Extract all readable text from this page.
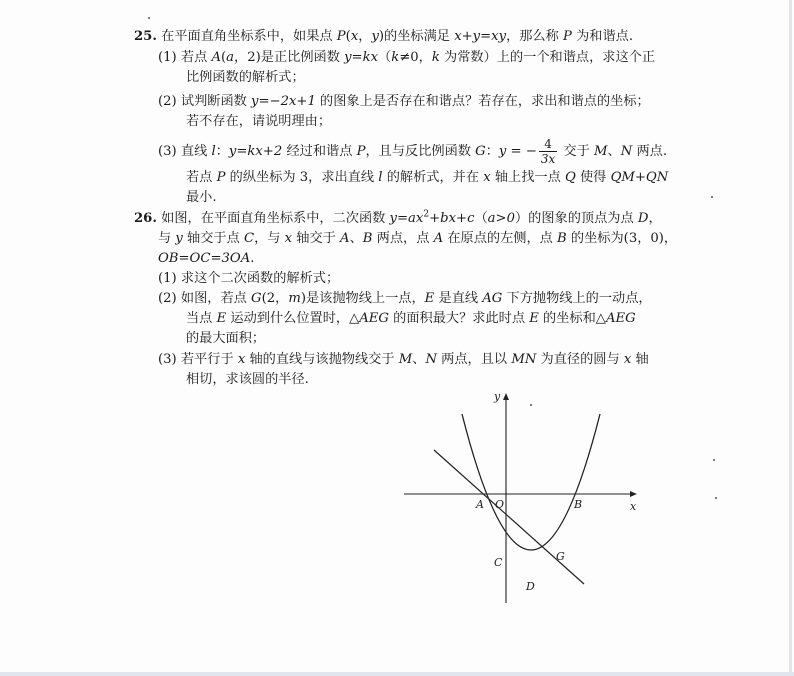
25. 在平面直角坐标系中，如果点 P(x，y)的坐标满足 x+y=xy，那么称 P 为和谐点.
(1) 若点 A(a，2)是正比例函数 y=kx（k≠0，k 为常数）上的一个和谐点，求这个正
比例函数的解析式；
(2) 试判断函数 y=−2x+1 的图象上是否存在和谐点？若存在，求出和谐点的坐标；
若不存在，请说明理由；
(3) 直线 l：y=kx+2 经过和谐点 P，且与反比例函数 G：y = − $\frac{4}{3x}$ 交于 M、N 两点.
若点 P 的纵坐标为 3，求出直线 l 的解析式，并在 x 轴上找一点 Q 使得 QM+QN
最小.
26. 如图，在平面直角坐标系中，二次函数 $y=ax^2+bx+c(a>0)$的图象的顶点为点 D，
与 y 轴交于点 C，与 x 轴交于 A、B 两点，点 A 在原点的左侧，点 B 的坐标为(3，0)，
OB=OC=3OA.
(1) 求这个二次函数的解析式；
(2) 如图，若点 G(2，m)是该抛物线上一点，E 是直线 AG 下方抛物线上的一动点，
当点 E 运动到什么位置时，△AEG 的面积最大？求此时点 E 的坐标和△AEG
的最大面积；
(3) 若平行于 x 轴的直线与该抛物线交于 M、N 两点，且以 MN 为直径的圆与 x 轴
相切，求该圆的半径.
y
x
O
A	B
C
D
G
